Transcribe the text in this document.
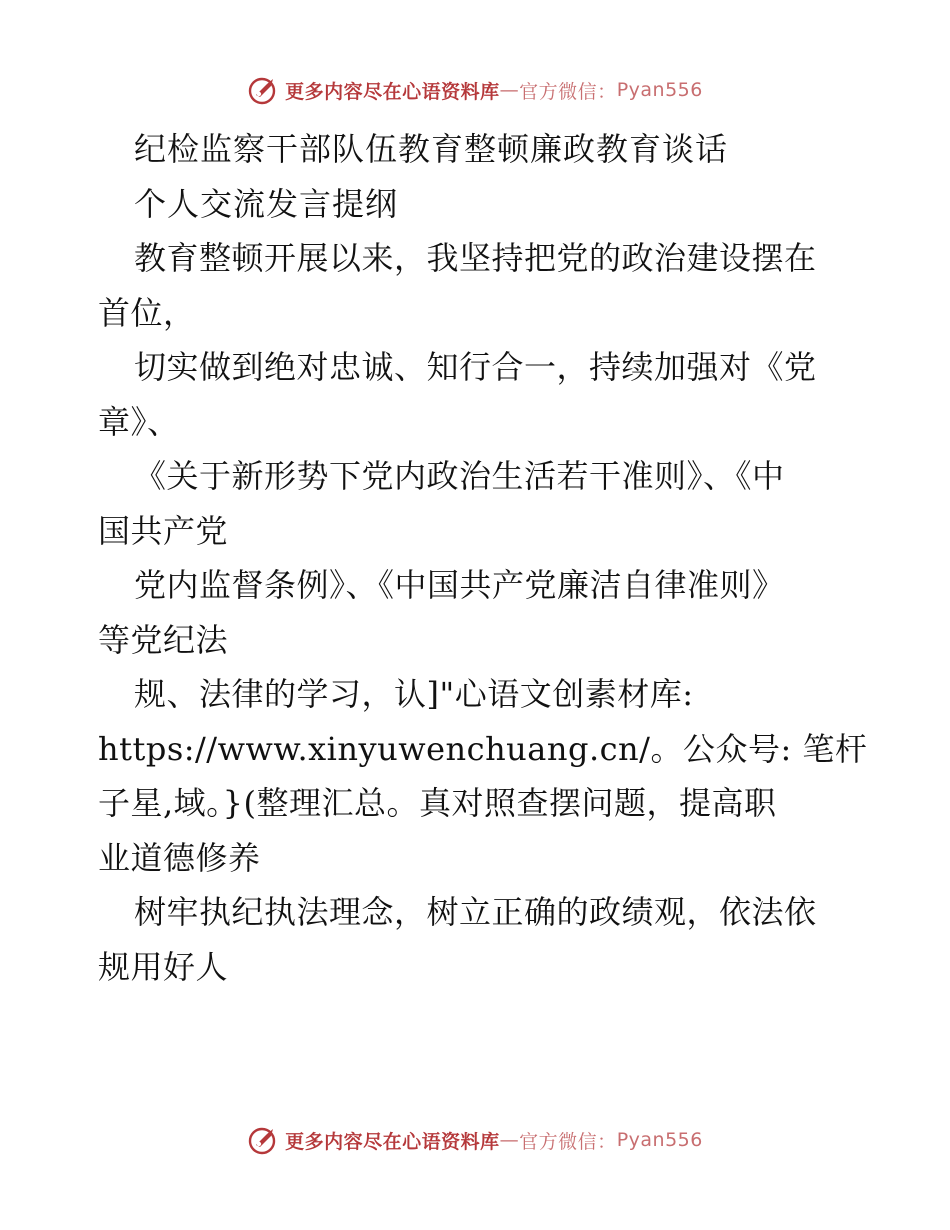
更多内容尽在心语资料库 — 官方微信： Pyan556
纪检监察干部队伍教育整顿廉政教育谈话
个人交流发言提纲
教育整顿开展以来，我坚持把党的政治建设摆在
首位，
切实做到绝对忠诚、知行合一，持续加强对《党
章》、
《关于新形势下党内政治生活若干准则》、《中
国共产党
党内监督条例》、《中国共产党廉洁自律准则》
等党纪法
规、法律的学习，认]"心语文创素材库:
https://www.xinyuwenchuang.cn/。公众号: 笔杆
子星,域。}(整理汇总。真对照查摆问题，提高职
业道德修养
树牢执纪执法理念，树立正确的政绩观，依法依
规用好人
更多内容尽在心语资料库 — 官方微信： Pyan556
